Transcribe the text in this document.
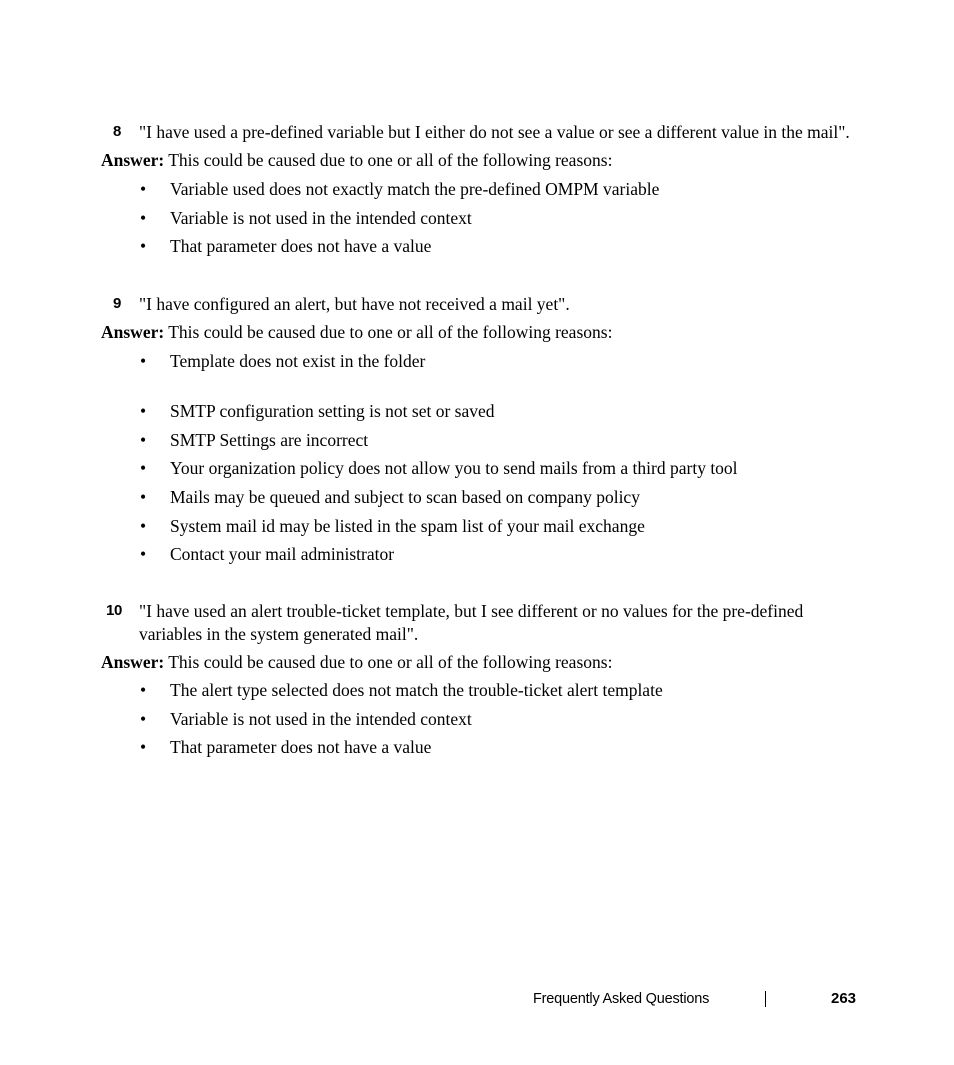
8 "I have used a pre-defined variable but I either do not see a value or see a different value in the mail".
Answer: This could be caused due to one or all of the following reasons:
• Variable used does not exactly match the pre-defined OMPM variable
• Variable is not used in the intended context
• That parameter does not have a value
9 "I have configured an alert, but have not received a mail yet".
Answer: This could be caused due to one or all of the following reasons:
• Template does not exist in the folder
• SMTP configuration setting is not set or saved
• SMTP Settings are incorrect
• Your organization policy does not allow you to send mails from a third party tool
• Mails may be queued and subject to scan based on company policy
• System mail id may be listed in the spam list of your mail exchange
• Contact your mail administrator
10 "I have used an alert trouble-ticket template, but I see different or no values for the pre-defined
variables in the system generated mail".
Answer: This could be caused due to one or all of the following reasons:
• The alert type selected does not match the trouble-ticket alert template
• Variable is not used in the intended context
• That parameter does not have a value
Frequently Asked Questions	263
